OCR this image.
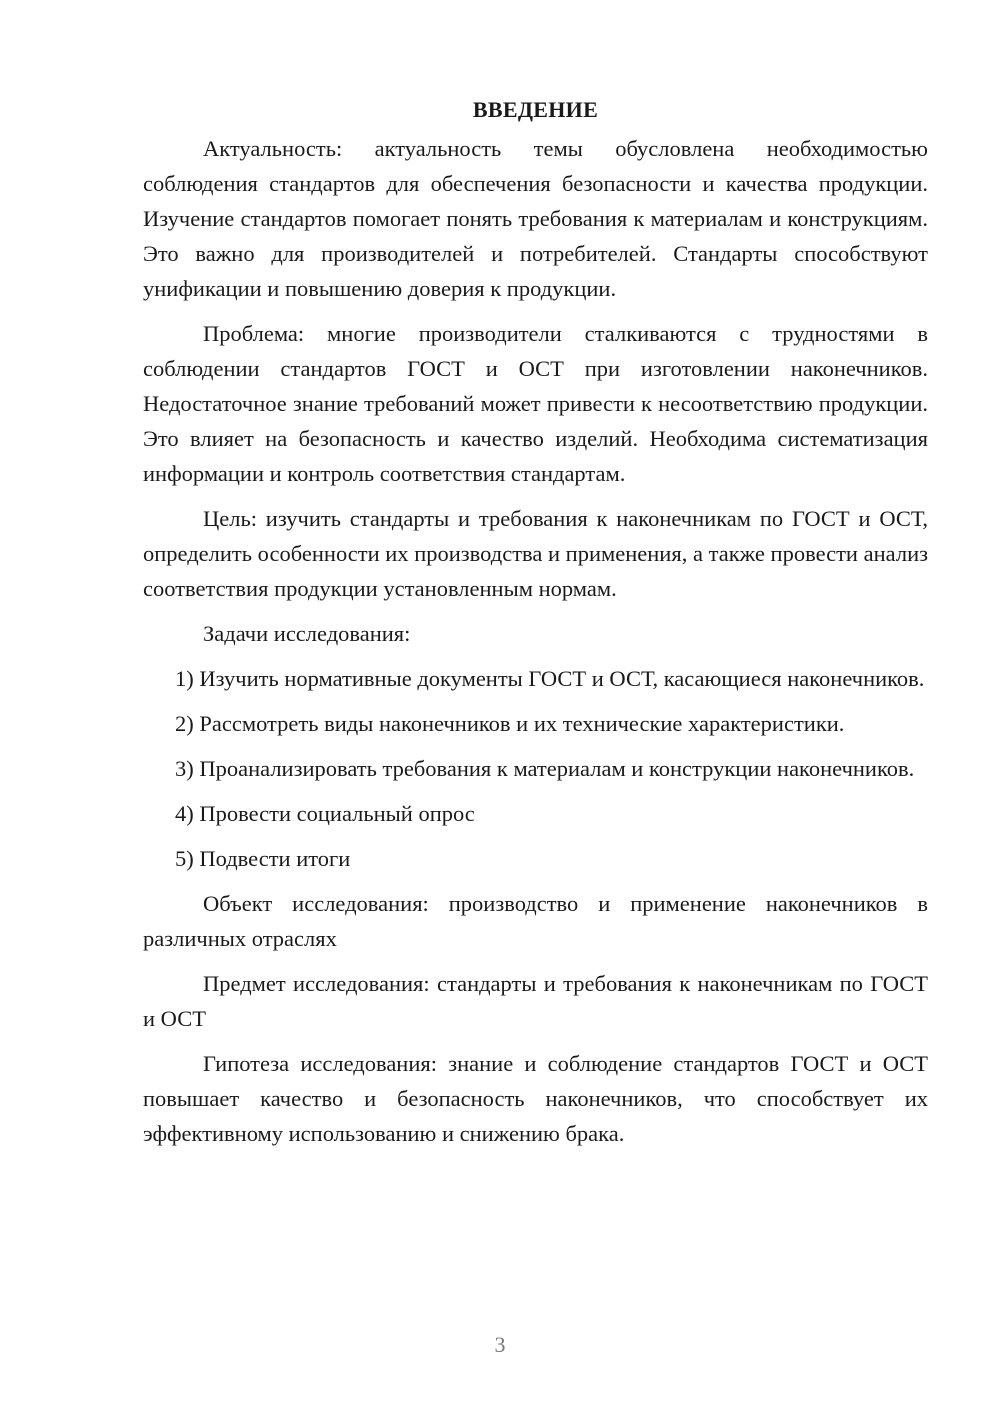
ВВЕДЕНИЕ

Актуальность: актуальность темы обусловлена необходимостью соблюдения стандартов для обеспечения безопасности и качества продукции. Изучение стандартов помогает понять требования к материалам и конструкциям. Это важно для производителей и потребителей. Стандарты способствуют унификации и повышению доверия к продукции.

Проблема: многие производители сталкиваются с трудностями в соблюдении стандартов ГОСТ и ОСТ при изготовлении наконечников. Недостаточное знание требований может привести к несоответствию продукции. Это влияет на безопасность и качество изделий. Необходима систематизация информации и контроль соответствия стандартам.

Цель: изучить стандарты и требования к наконечникам по ГОСТ и ОСТ, определить особенности их производства и применения, а также провести анализ соответствия продукции установленным нормам.

Задачи исследования:

1) Изучить нормативные документы ГОСТ и ОСТ, касающиеся наконечников.

2) Рассмотреть виды наконечников и их технические характеристики.

3) Проанализировать требования к материалам и конструкции наконечников.

4) Провести социальный опрос

5) Подвести итоги

Объект исследования: производство и применение наконечников в различных отраслях

Предмет исследования: стандарты и требования к наконечникам по ГОСТ и ОСТ

Гипотеза исследования: знание и соблюдение стандартов ГОСТ и ОСТ повышает качество и безопасность наконечников, что способствует их эффективному использованию и снижению брака.

3
